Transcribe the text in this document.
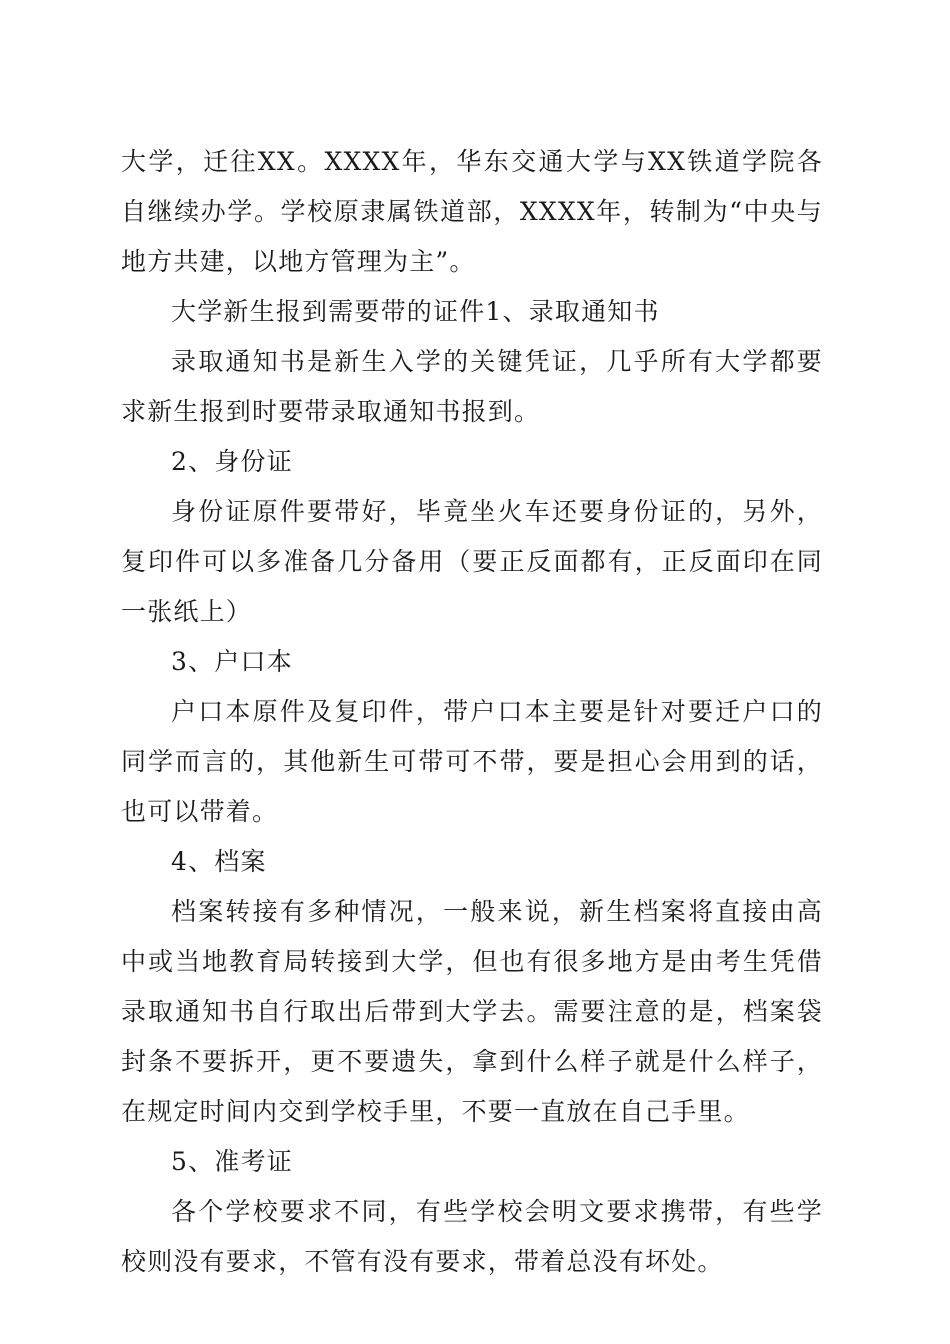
大学，迁往XX。XXXX年，华东交通大学与XX铁道学院各自继续办学。学校原隶属铁道部，XXXX年，转制为“中央与地方共建，以地方管理为主”。

大学新生报到需要带的证件1、录取通知书

录取通知书是新生入学的关键凭证，几乎所有大学都要求新生报到时要带录取通知书报到。

2、身份证

身份证原件要带好，毕竟坐火车还要身份证的，另外，复印件可以多准备几分备用（要正反面都有，正反面印在同一张纸上）

3、户口本

户口本原件及复印件，带户口本主要是针对要迁户口的同学而言的，其他新生可带可不带，要是担心会用到的话，也可以带着。

4、档案

档案转接有多种情况，一般来说，新生档案将直接由高中或当地教育局转接到大学，但也有很多地方是由考生凭借录取通知书自行取出后带到大学去。需要注意的是，档案袋封条不要拆开，更不要遗失，拿到什么样子就是什么样子，在规定时间内交到学校手里，不要一直放在自己手里。

5、准考证

各个学校要求不同，有些学校会明文要求携带，有些学校则没有要求，不管有没有要求，带着总没有坏处。
